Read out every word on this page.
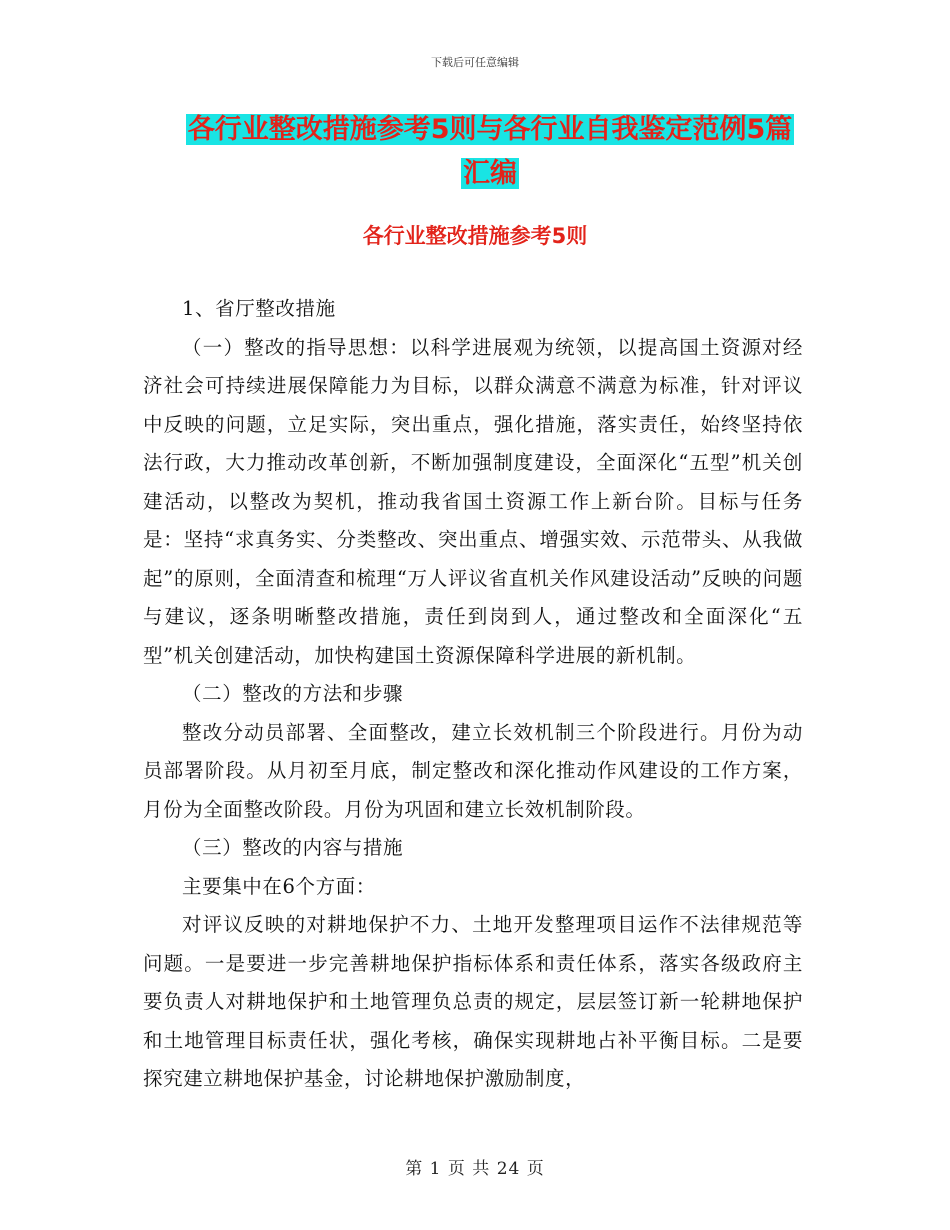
下载后可任意编辑
各行业整改措施参考5则与各行业自我鉴定范例5篇
汇编
各行业整改措施参考5则

1、省厅整改措施

（一）整改的指导思想：以科学进展观为统领，以提高国土资源对经济社会可持续进展保障能力为目标，以群众满意不满意为标准，针对评议中反映的问题，立足实际，突出重点，强化措施，落实责任，始终坚持依法行政，大力推动改革创新，不断加强制度建设，全面深化“五型”机关创建活动，以整改为契机，推动我省国土资源工作上新台阶。目标与任务是：坚持“求真务实、分类整改、突出重点、增强实效、示范带头、从我做起”的原则，全面清查和梳理“万人评议省直机关作风建设活动”反映的问题与建议，逐条明晰整改措施，责任到岗到人，通过整改和全面深化“五型”机关创建活动，加快构建国土资源保障科学进展的新机制。

（二）整改的方法和步骤

整改分动员部署、全面整改，建立长效机制三个阶段进行。月份为动员部署阶段。从月初至月底，制定整改和深化推动作风建设的工作方案，月份为全面整改阶段。月份为巩固和建立长效机制阶段。

（三）整改的内容与措施

主要集中在6个方面：

对评议反映的对耕地保护不力、土地开发整理项目运作不法律规范等问题。一是要进一步完善耕地保护指标体系和责任体系，落实各级政府主要负责人对耕地保护和土地管理负总责的规定，层层签订新一轮耕地保护和土地管理目标责任状，强化考核，确保实现耕地占补平衡目标。二是要探究建立耕地保护基金，讨论耕地保护激励制度，

第 1 页 共 24 页
